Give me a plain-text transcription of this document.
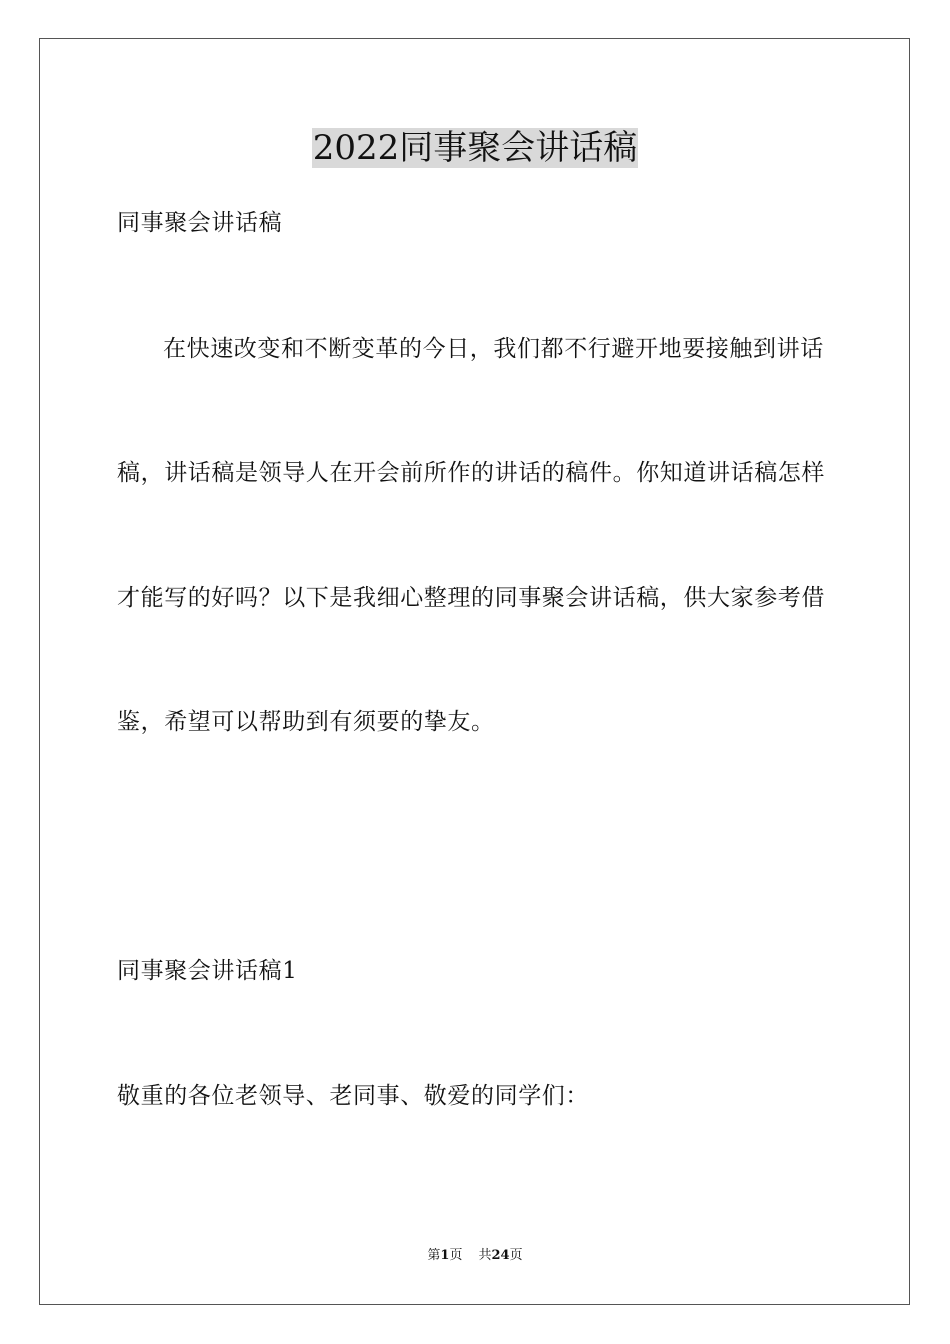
2022同事聚会讲话稿
同事聚会讲话稿
在快速改变和不断变革的今日，我们都不行避开地要接触到讲话
稿，讲话稿是领导人在开会前所作的讲话的稿件。你知道讲话稿怎样
才能写的好吗？以下是我细心整理的同事聚会讲话稿，供大家参考借
鉴，希望可以帮助到有须要的挚友。
同事聚会讲话稿1
敬重的各位老领导、老同事、敬爱的同学们：
第1页 共24页
